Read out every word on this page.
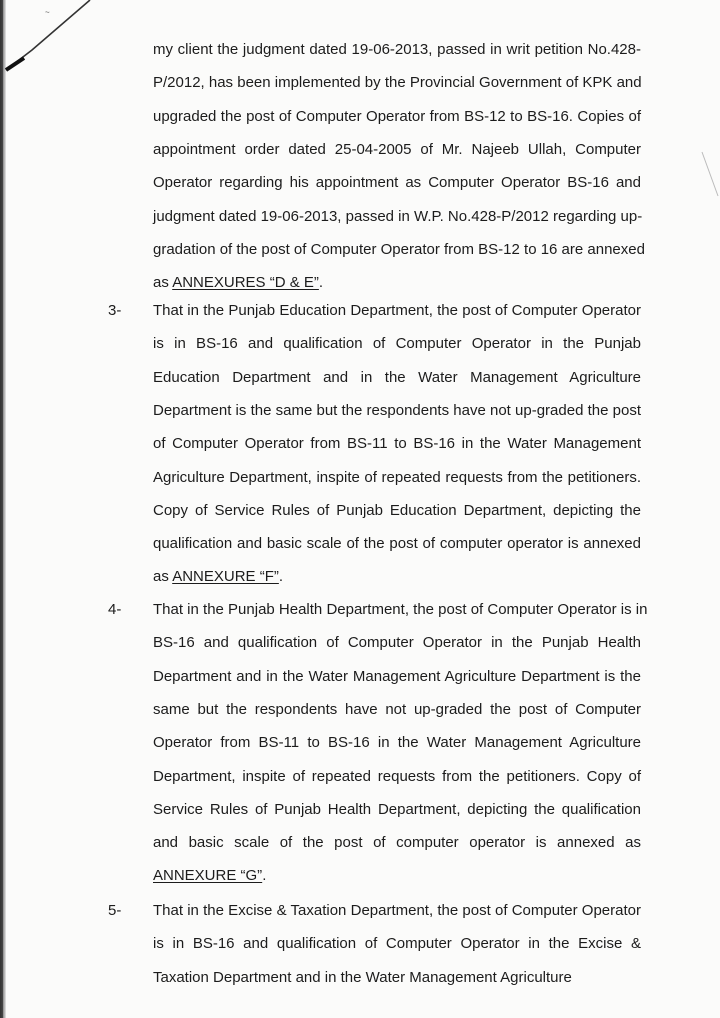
~
my client the judgment dated 19-06-2013, passed in writ petition No.428-
P/2012, has been implemented by the Provincial Government of KPK and
upgraded the post of Computer Operator from BS-12 to BS-16. Copies of
appointment order dated 25-04-2005 of Mr. Najeeb Ullah, Computer
Operator regarding his appointment as Computer Operator BS-16 and
judgment dated 19-06-2013, passed in W.P. No.428-P/2012 regarding up-
gradation of the post of Computer Operator from BS-12 to 16 are annexed
as ANNEXURES “D & E”.
3- That in the Punjab Education Department, the post of Computer Operator
is in BS-16 and qualification of Computer Operator in the Punjab
Education Department and in the Water Management Agriculture
Department is the same but the respondents have not up-graded the post
of Computer Operator from BS-11 to BS-16 in the Water Management
Agriculture Department, inspite of repeated requests from the petitioners.
Copy of Service Rules of Punjab Education Department, depicting the
qualification and basic scale of the post of computer operator is annexed
as ANNEXURE “F”.
4- That in the Punjab Health Department, the post of Computer Operator is in
BS-16 and qualification of Computer Operator in the Punjab Health
Department and in the Water Management Agriculture Department is the
same but the respondents have not up-graded the post of Computer
Operator from BS-11 to BS-16 in the Water Management Agriculture
Department, inspite of repeated requests from the petitioners. Copy of
Service Rules of Punjab Health Department, depicting the qualification
and basic scale of the post of computer operator is annexed as
ANNEXURE “G”.
5- That in the Excise & Taxation Department, the post of Computer Operator
is in BS-16 and qualification of Computer Operator in the Excise &
Taxation Department and in the Water Management Agriculture
